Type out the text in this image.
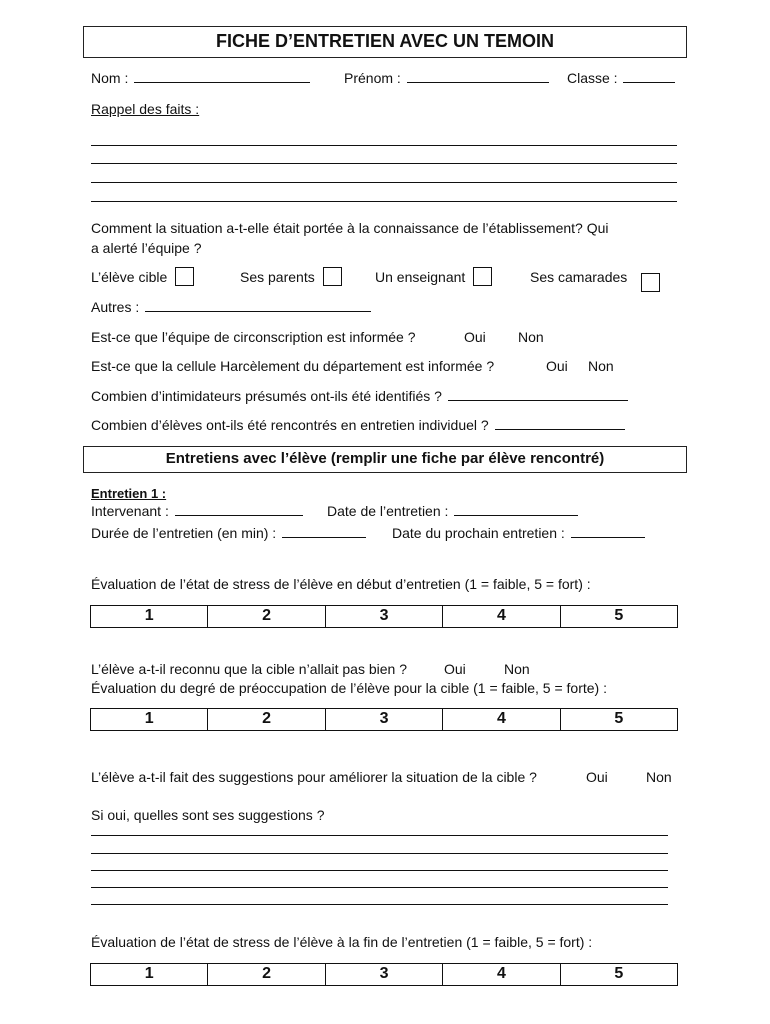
FICHE D’ENTRETIEN AVEC UN TEMOIN
Nom :	Prénom :	Classe :
Rappel des faits :
Comment la situation a-t-elle était portée à la connaissance de l’établissement? Qui
a alerté l’équipe ?
L’élève cible	Ses parents	Un enseignant	Ses camarades
Autres :
Est-ce que l’équipe de circonscription est informée ?	Oui Non
Est-ce que la cellule Harcèlement du département est informée ?	Oui Non
Combien d’intimidateurs présumés ont-ils été identifiés ?
Combien d’élèves ont-ils été rencontrés en entretien individuel ?
Entretiens avec l’élève (remplir une fiche par élève rencontré)
Entretien 1 :
Intervenant :	Date de l’entretien :
Durée de l’entretien (en min) :	Date du prochain entretien :
Évaluation de l’état de stress de l’élève en début d’entretien (1 = faible, 5 = fort) :
1	2	3	4	5
L’élève a-t-il reconnu que la cible n’allait pas bien ?	Oui	Non
Évaluation du degré de préoccupation de l’élève pour la cible (1 = faible, 5 = forte) :
1	2	3	4	5
L’élève a-t-il fait des suggestions pour améliorer la situation de la cible ?	Oui	Non
Si oui, quelles sont ses suggestions ?
Évaluation de l’état de stress de l’élève à la fin de l’entretien (1 = faible, 5 = fort) :
1	2	3	4	5
